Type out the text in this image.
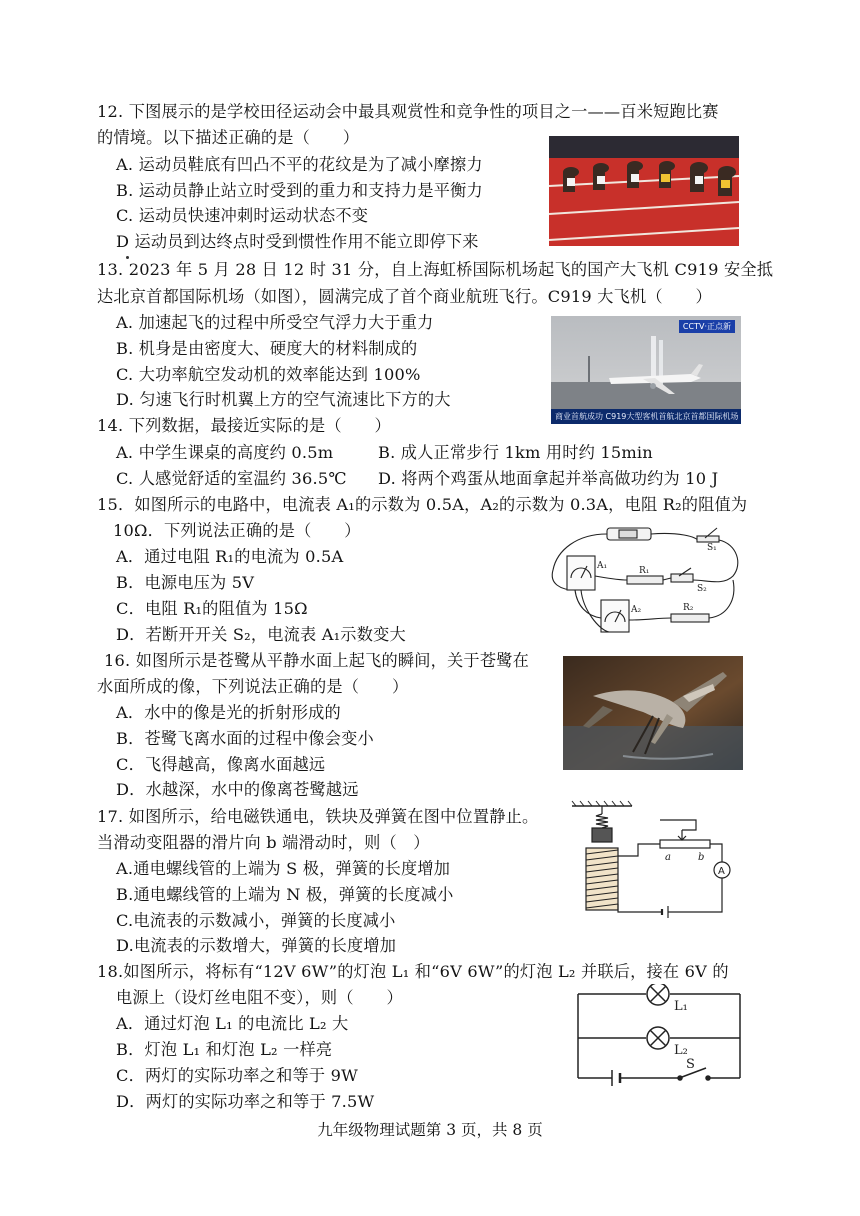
12. 下图展示的是学校田径运动会中最具观赏性和竞争性的项目之一——百米短跑比赛
的情境。以下描述正确的是（　　）
A. 运动员鞋底有凹凸不平的花纹是为了减小摩擦力
B. 运动员静止站立时受到的重力和支持力是平衡力
C. 运动员快速冲刺时运动状态不变
D 运动员到达终点时受到惯性作用不能立即停下来
13. 2023 年 5 月 28 日 12 时 31 分，自上海虹桥国际机场起飞的国产大飞机 C919 安全抵
达北京首都国际机场（如图），圆满完成了首个商业航班飞行。C919 大飞机（　　）
A. 加速起飞的过程中所受空气浮力大于重力
B. 机身是由密度大、硬度大的材料制成的
C. 大功率航空发动机的效率能达到 100%
D. 匀速飞行时机翼上方的空气流速比下方的大
CCTV·正点新
商业首航成功 C919大型客机首航北京首都国际机场
14. 下列数据，最接近实际的是（　　）
A. 中学生课桌的高度约 0.5m	B. 成人正常步行 1km 用时约 15min
C. 人感觉舒适的室温约 36.5℃ D. 将两个鸡蛋从地面拿起并举高做功约为 10 J
15．如图所示的电路中，电流表 A₁的示数为 0.5A，A₂的示数为 0.3A，电阻 R₂的阻值为
10Ω．下列说法正确的是（　　）
A．通过电阻 R₁的电流为 0.5A
B．电源电压为 5V
C．电阻 R₁的阻值为 15Ω
D．若断开开关 S₂，电流表 A₁示数变大
A₁	R₁
S₁
S₂
A₂	R₂
16. 如图所示是苍鹭从平静水面上起飞的瞬间，关于苍鹭在
水面所成的像，下列说法正确的是（　　）
A．水中的像是光的折射形成的
B．苍鹭飞离水面的过程中像会变小
C．飞得越高，像离水面越远
D．水越深，水中的像离苍鹭越远
17. 如图所示，给电磁铁通电，铁块及弹簧在图中位置静止。
当滑动变阻器的滑片向 b 端滑动时，则（　）
A.通电螺线管的上端为 S 极，弹簧的长度增加
B.通电螺线管的上端为 N 极，弹簧的长度减小
C.电流表的示数减小，弹簧的长度减小
D.电流表的示数增大，弹簧的长度增加
a	b
A
18.如图所示，将标有“12V 6W”的灯泡 L₁ 和“6V 6W”的灯泡 L₂ 并联后，接在 6V 的
电源上（设灯丝电阻不变），则（　　）
A．通过灯泡 L₁ 的电流比 L₂ 大
B．灯泡 L₁ 和灯泡 L₂ 一样亮
C．两灯的实际功率之和等于 9W
D．两灯的实际功率之和等于 7.5W
L₁
L₂
S
九年级物理试题第 3 页，共 8 页
